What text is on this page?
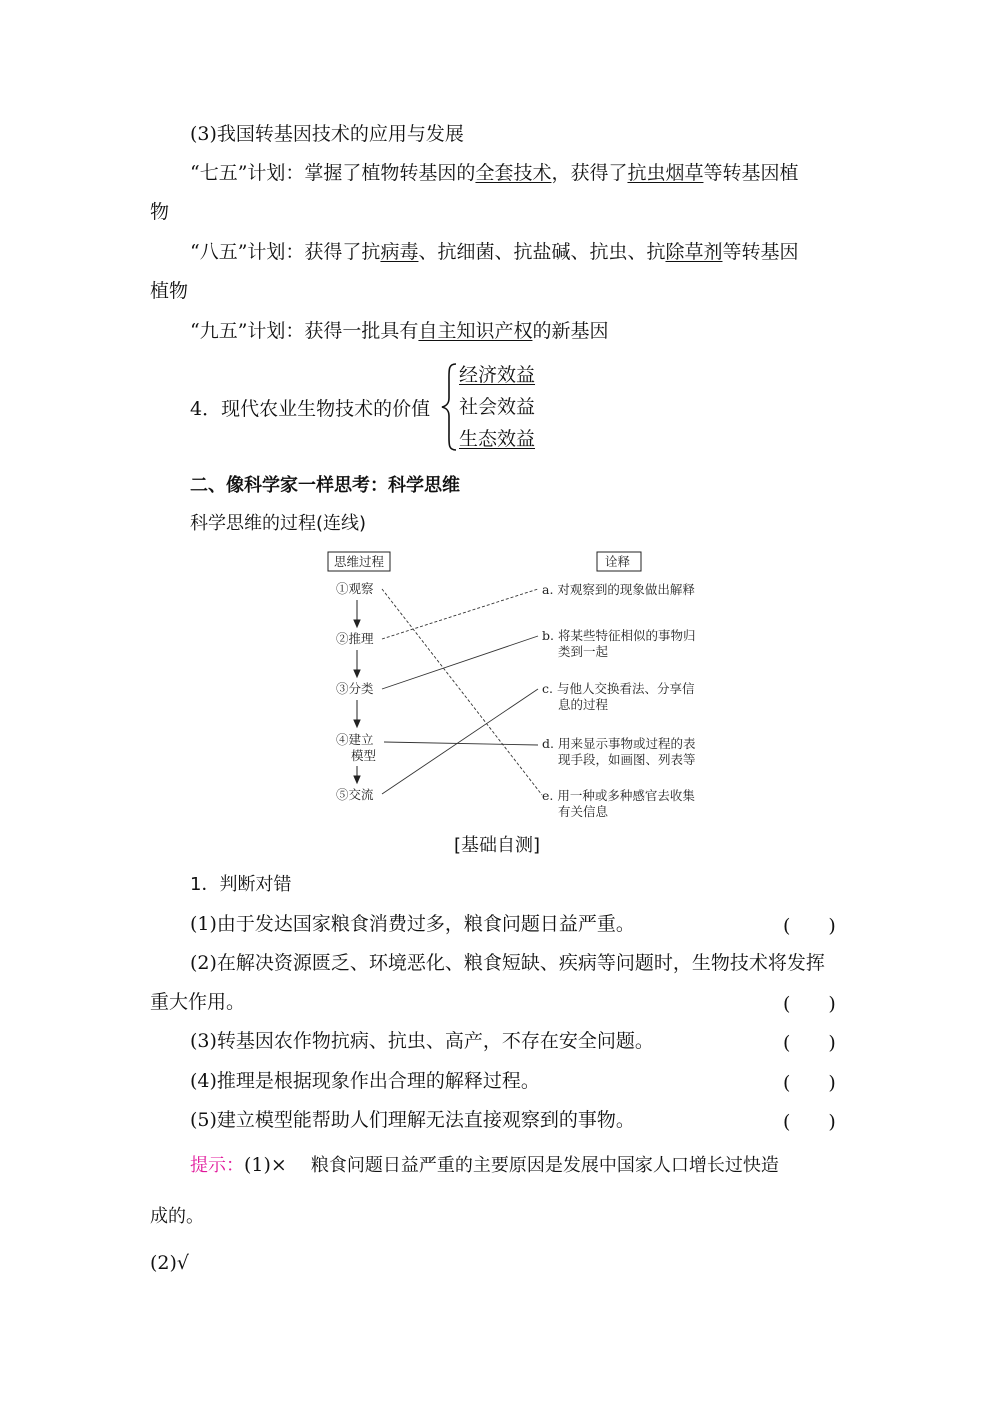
(3)我国转基因技术的应用与发展
“七五”计划：掌握了植物转基因的全套技术，获得了抗虫烟草等转基因植
物
“八五”计划：获得了抗病毒、抗细菌、抗盐碱、抗虫、抗除草剂等转基因
植物
“九五”计划：获得一批具有自主知识产权的新基因
4．现代农业生物技术的价值
经济效益
社会效益
生态效益
二、像科学家一样思考：科学思维
科学思维的过程(连线)
思维过程	诠释
①观察
②推理
③分类
④建立
模型
⑤交流
a. 对观察到的现象做出解释
b. 将某些特征相似的事物归
类到一起
c. 与他人交换看法、分享信
息的过程
d. 用来显示事物或过程的表
现手段，如画图、列表等
e. 用一种或多种感官去收集
有关信息
[基础自测]
1．判断对错
(1)由于发达国家粮食消费过多，粮食问题日益严重。	(　　)
(2)在解决资源匮乏、环境恶化、粮食短缺、疾病等问题时，生物技术将发挥
重大作用。	(　　)
(3)转基因农作物抗病、抗虫、高产，不存在安全问题。	(　　)
(4)推理是根据现象作出合理的解释过程。	(　　)
(5)建立模型能帮助人们理解无法直接观察到的事物。	(　　)
提示：(1)× 粮食问题日益严重的主要原因是发展中国家人口增长过快造
成的。
(2)√
